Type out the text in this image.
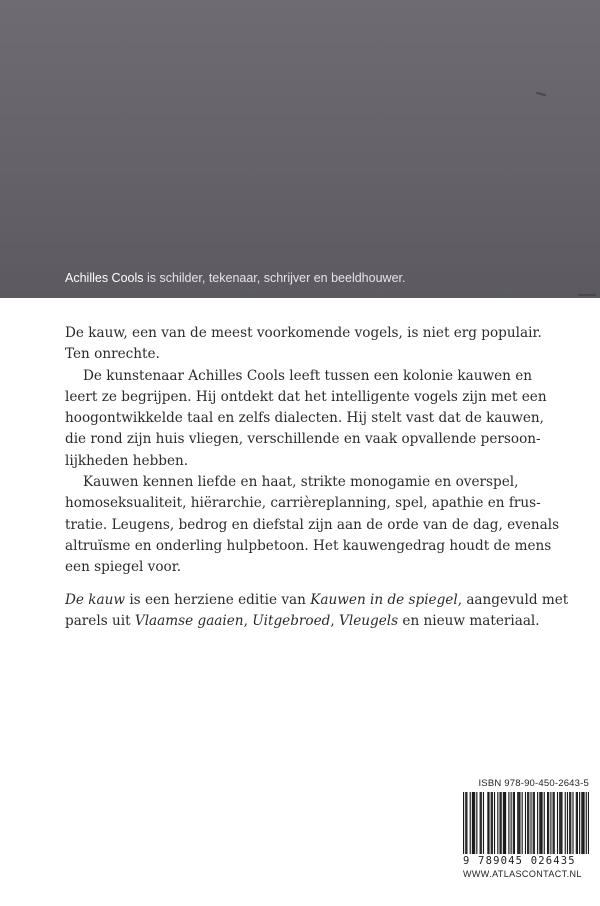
Achilles Cools is schilder, tekenaar, schrijver en beeldhouwer.

De kauw, een van de meest voorkomende vogels, is niet erg populair.
Ten onrechte.

De kunstenaar Achilles Cools leeft tussen een kolonie kauwen en
leert ze begrijpen. Hij ontdekt dat het intelligente vogels zijn met een
hoogontwikkelde taal en zelfs dialecten. Hij stelt vast dat de kauwen,
die rond zijn huis vliegen, verschillende en vaak opvallende persoon-
lijkheden hebben.

Kauwen kennen liefde en haat, strikte monogamie en overspel,
homoseksualiteit, hiërarchie, carrièreplanning, spel, apathie en frus-
tratie. Leugens, bedrog en diefstal zijn aan de orde van de dag, evenals
altruïsme en onderling hulpbetoon. Het kauwengedrag houdt de mens
een spiegel voor.

De kauw is een herziene editie van Kauwen in de spiegel, aangevuld met
parels uit Vlaamse gaaien, Uitgebroed, Vleugels en nieuw materiaal.

ISBN 978-90-450-2643-5
9 789045 026435
WWW.ATLASCONTACT.NL
